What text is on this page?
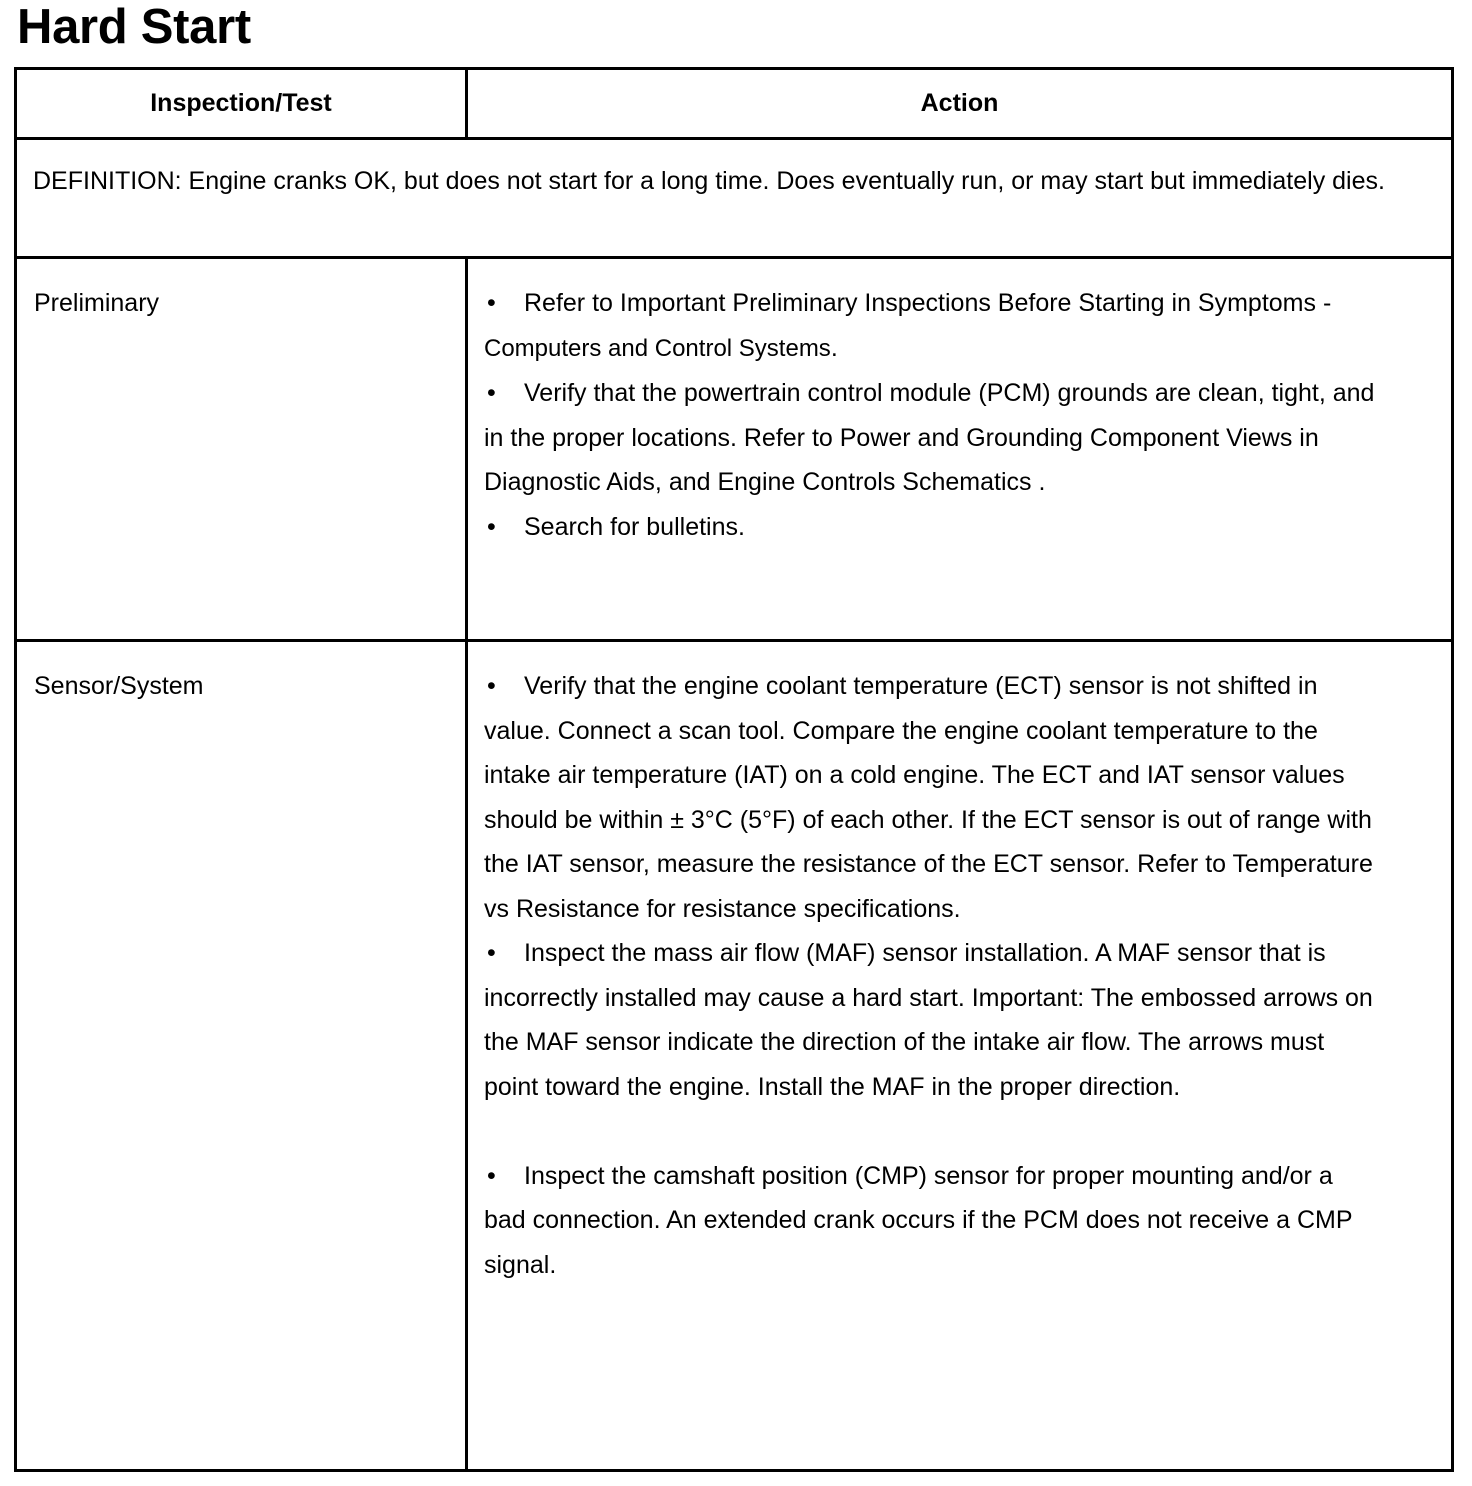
Hard Start
Inspection/Test	Action
DEFINITION: Engine cranks OK, but does not start for a long time. Does eventually run, or may start but immediately dies.	
Preliminary	• Refer to Important Preliminary Inspections Before Starting in Symptoms - Computers and Control Systems.

• Verify that the powertrain control module (PCM) grounds are clean, tight, and in the proper locations. Refer to Power and Grounding Component Views in Diagnostic Aids, and Engine Controls Schematics .

• Search for bulletins.

Sensor/System	• Verify that the engine coolant temperature (ECT) sensor is not shifted in value. Connect a scan tool. Compare the engine coolant temperature to the intake air temperature (IAT) on a cold engine. The ECT and IAT sensor values should be within ± 3°C (5°F) of each other. If the ECT sensor is out of range with the IAT sensor, measure the resistance of the ECT sensor. Refer to Temperature vs Resistance for resistance specifications.

• Inspect the mass air flow (MAF) sensor installation. A MAF sensor that is incorrectly installed may cause a hard start. Important: The embossed arrows on the MAF sensor indicate the direction of the intake air flow. The arrows must point toward the engine. Install the MAF in the proper direction.

• Inspect the camshaft position (CMP) sensor for proper mounting and/or a bad connection. An extended crank occurs if the PCM does not receive a CMP signal.
